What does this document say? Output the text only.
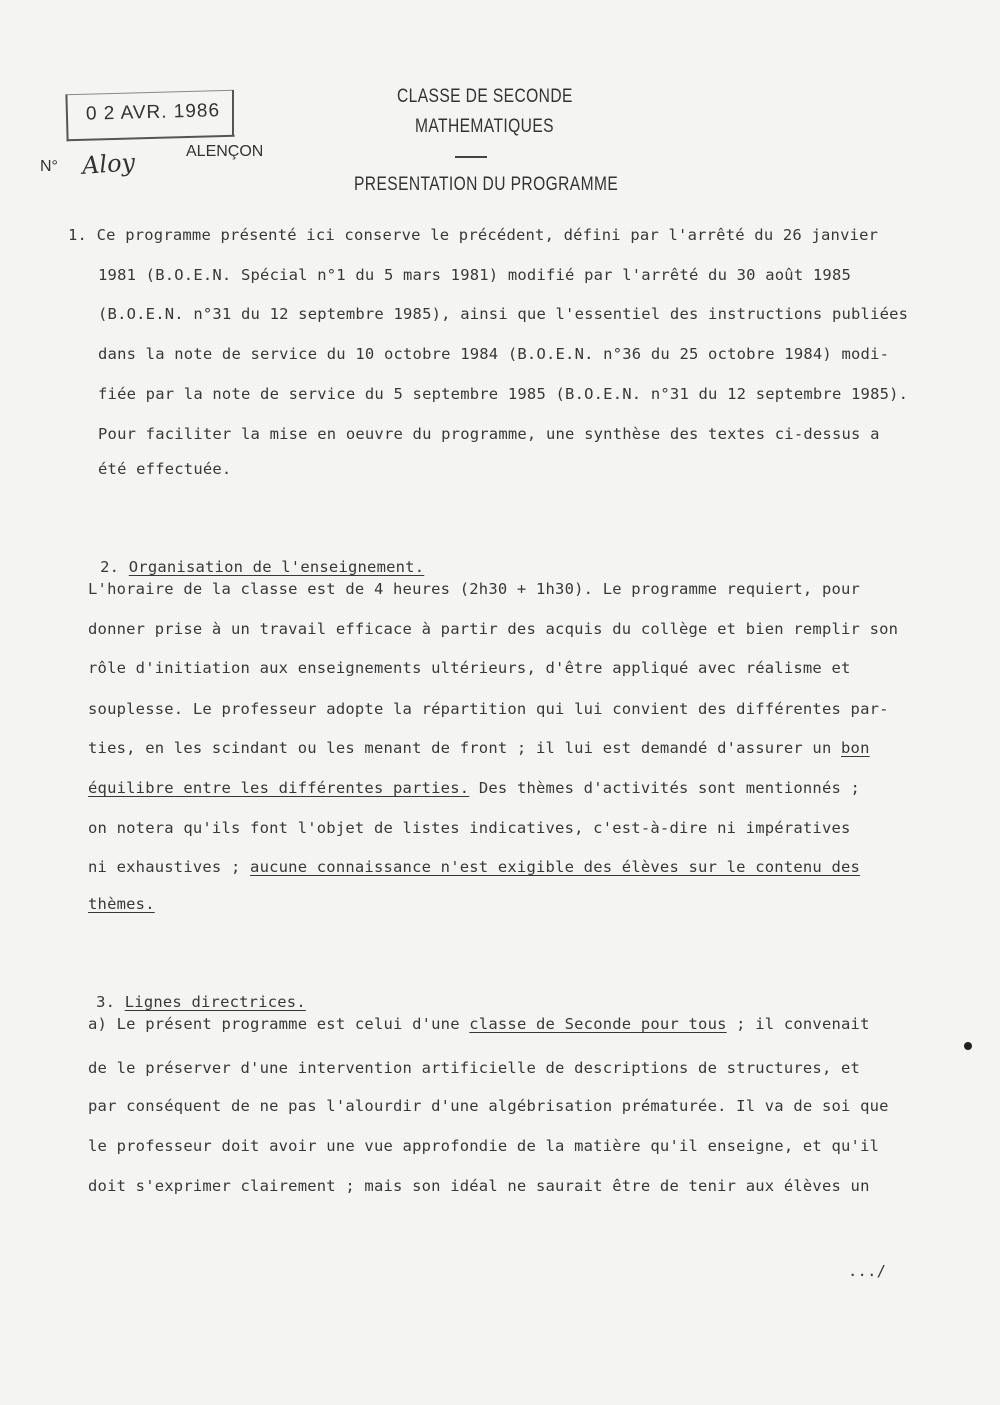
0 2 AVR. 1986
N° Aloy	ALENÇON
CLASSE DE SECONDE
MATHEMATIQUES
PRESENTATION DU PROGRAMME
1. Ce programme présenté ici conserve le précédent, défini par l'arrêté du 26 janvier
1981 (B.O.E.N. Spécial n°1 du 5 mars 1981) modifié par l'arrêté du 30 août 1985
(B.O.E.N. n°31 du 12 septembre 1985), ainsi que l'essentiel des instructions publiées
dans la note de service du 10 octobre 1984 (B.O.E.N. n°36 du 25 octobre 1984) modi-
fiée par la note de service du 5 septembre 1985 (B.O.E.N. n°31 du 12 septembre 1985).
Pour faciliter la mise en oeuvre du programme, une synthèse des textes ci-dessus a
été effectuée.

2. Organisation de l'enseignement.

L'horaire de la classe est de 4 heures (2h30 + 1h30). Le programme requiert, pour
donner prise à un travail efficace à partir des acquis du collège et bien remplir son
rôle d'initiation aux enseignements ultérieurs, d'être appliqué avec réalisme et
souplesse. Le professeur adopte la répartition qui lui convient des différentes par-
ties, en les scindant ou les menant de front ; il lui est demandé d'assurer un bon
équilibre entre les différentes parties. Des thèmes d'activités sont mentionnés ;
on notera qu'ils font l'objet de listes indicatives, c'est-à-dire ni impératives
ni exhaustives ; aucune connaissance n'est exigible des élèves sur le contenu des
thèmes.

3. Lignes directrices.

a) Le présent programme est celui d'une classe de Seconde pour tous ; il convenait
de le préserver d'une intervention artificielle de descriptions de structures, et
par conséquent de ne pas l'alourdir d'une algébrisation prématurée. Il va de soi que
le professeur doit avoir une vue approfondie de la matière qu'il enseigne, et qu'il
doit s'exprimer clairement ; mais son idéal ne saurait être de tenir aux élèves un
.../
